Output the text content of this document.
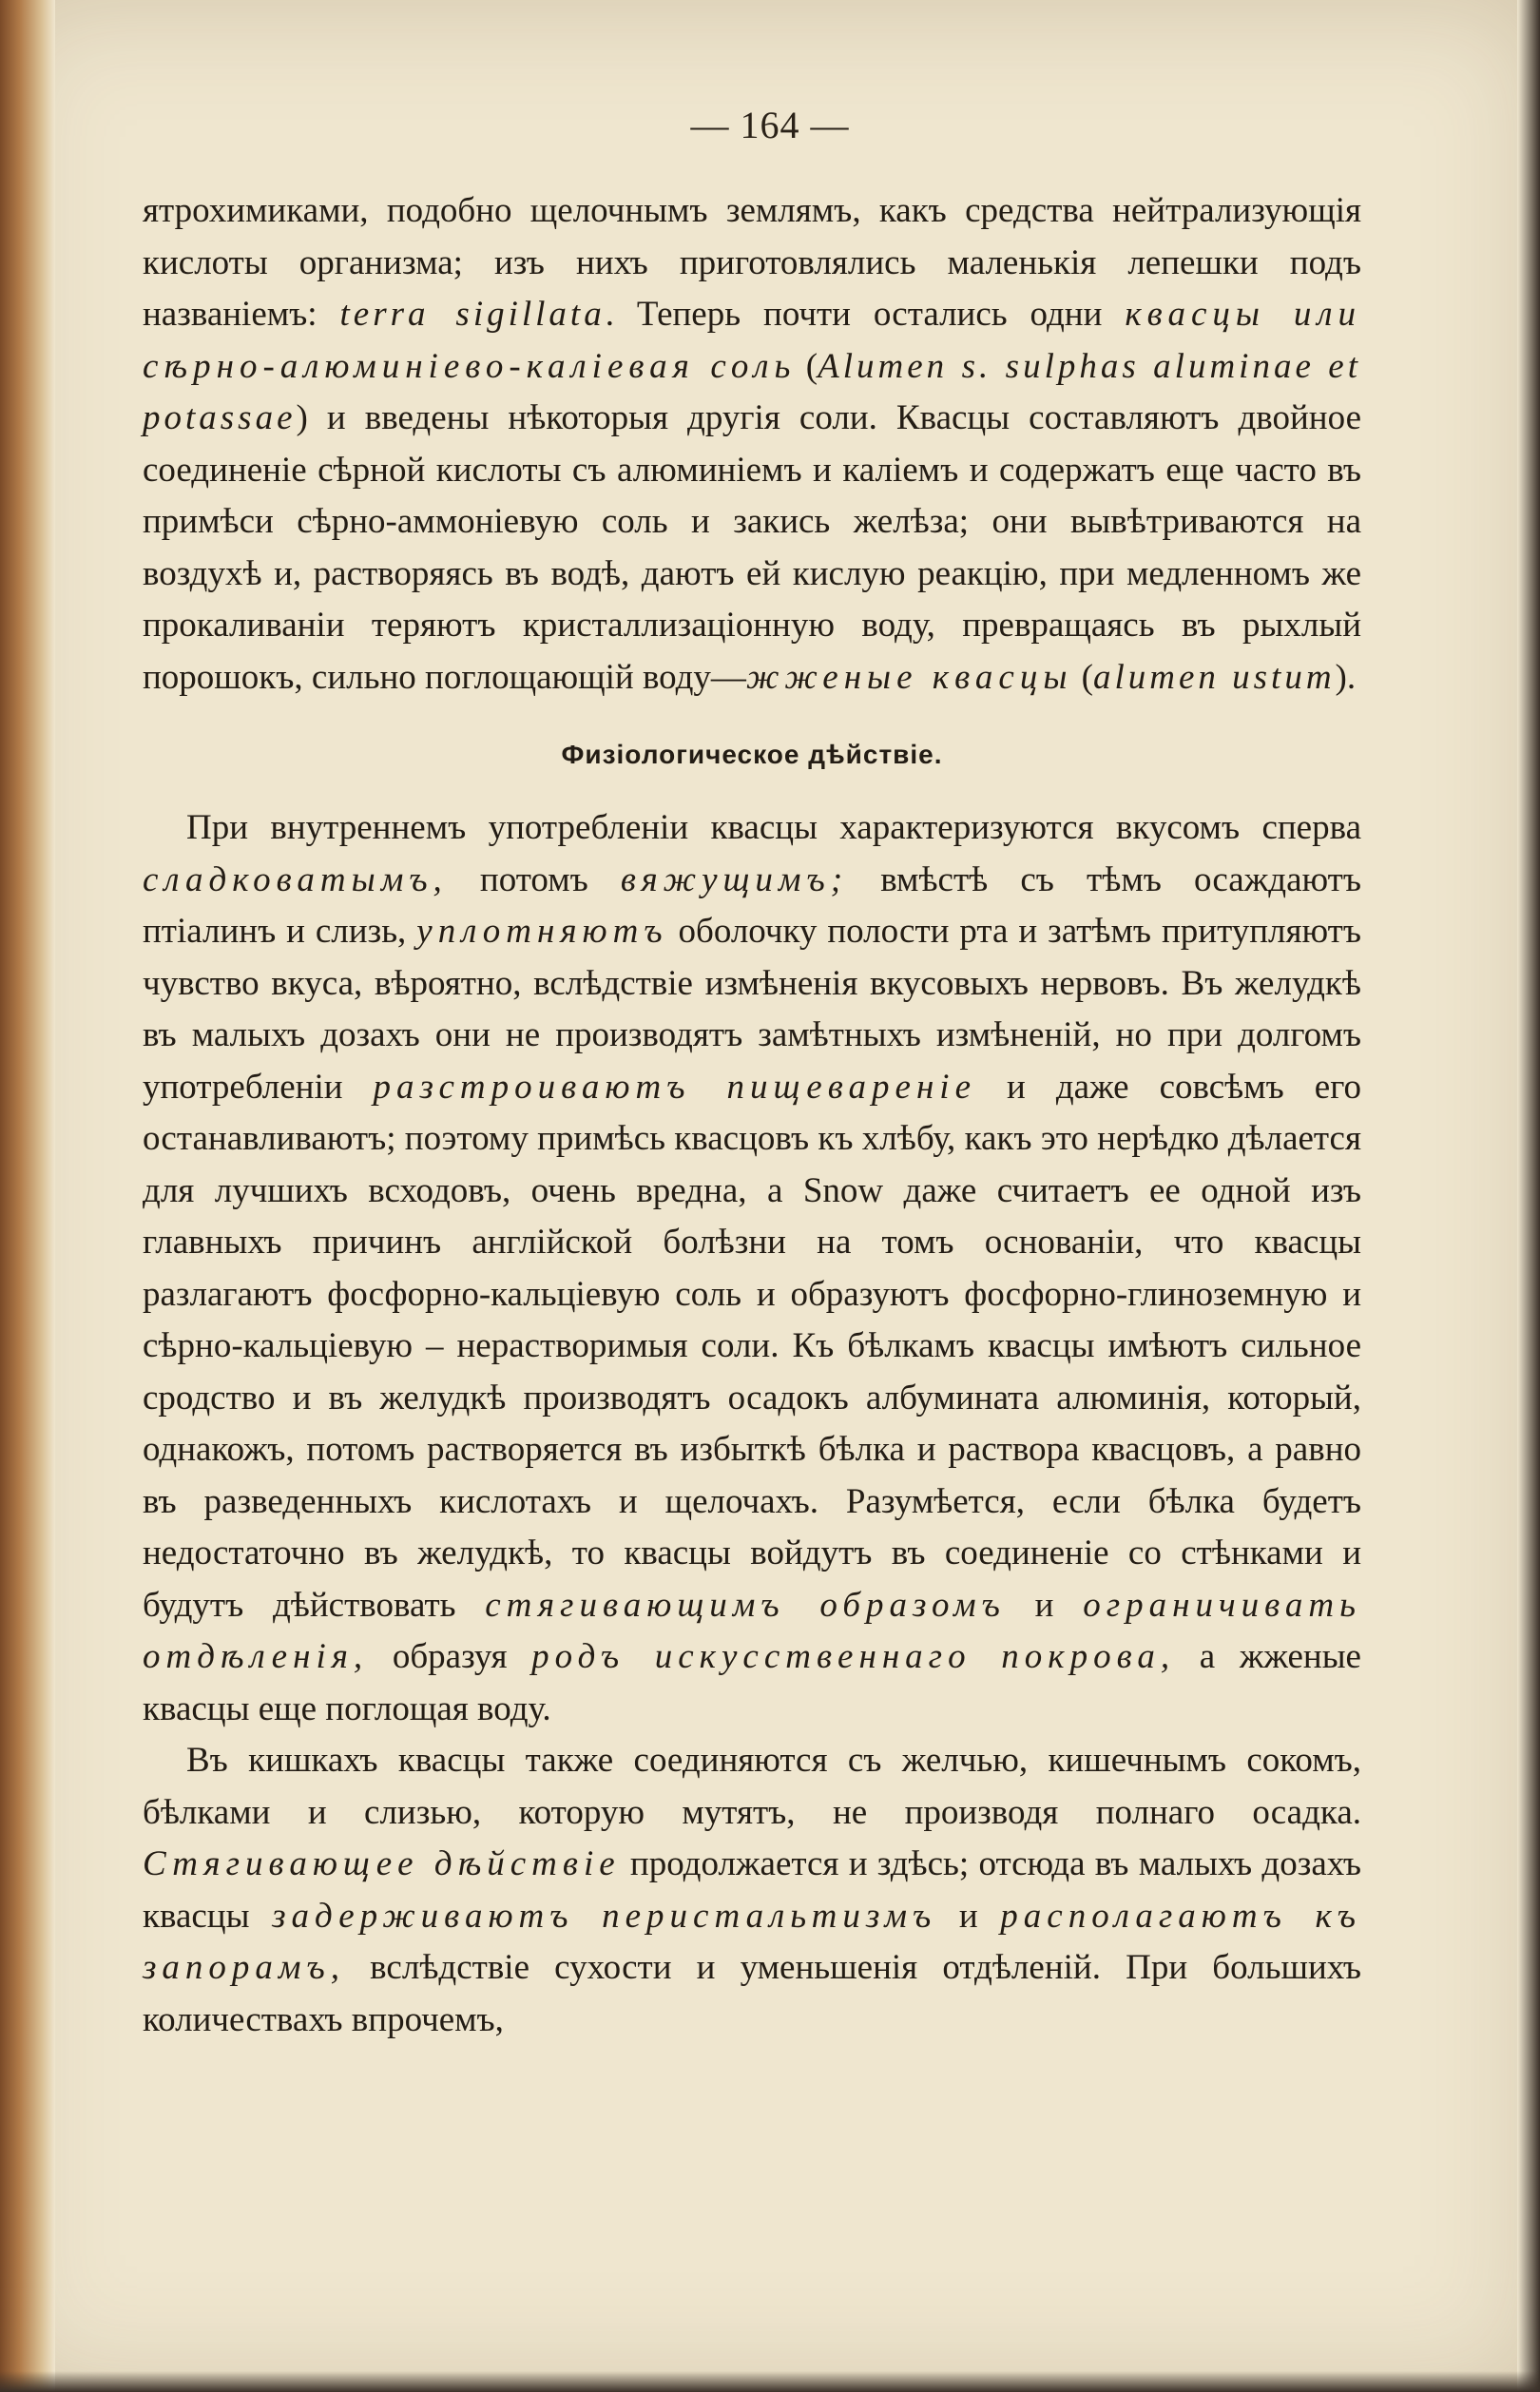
— 164 —

ятрохимиками, подобно щелочнымъ землямъ, какъ средства нейтрализующія кислоты организма; изъ нихъ приготовлялись маленькія лепешки подъ названіемъ: terra sigillata. Теперь почти остались одни квасцы или сѣрно-алюминіево-каліевая соль (Alumen s. sulphas aluminae et potassae) и введены нѣкоторыя другія соли. Квасцы составляютъ двойное соединеніе сѣрной кислоты съ алюминіемъ и каліемъ и содержатъ еще часто въ примѣси сѣрно-аммоніевую соль и закись желѣза; они вывѣтриваются на воздухѣ и, растворяясь въ водѣ, даютъ ей кислую реакцію, при медленномъ же прокаливаніи теряютъ кристаллизаціонную воду, превращаясь въ рыхлый порошокъ, сильно поглощающій воду—жженые квасцы (alumen ustum).

Физіологическое дѣйствіе.

При внутреннемъ употребленіи квасцы характеризуются вкусомъ сперва сладковатымъ, потомъ вяжущимъ; вмѣстѣ съ тѣмъ осаждаютъ птіалинъ и слизь, уплотняютъ оболочку полости рта и затѣмъ притупляютъ чувство вкуса, вѣроятно, вслѣдствіе измѣненія вкусовыхъ нервовъ. Въ желудкѣ въ малыхъ дозахъ они не производятъ замѣтныхъ измѣненій, но при долгомъ употребленіи разстроиваютъ пищевареніе и даже совсѣмъ его останавливаютъ; поэтому примѣсь квасцовъ къ хлѣбу, какъ это нерѣдко дѣлается для лучшихъ всходовъ, очень вредна, а Snow даже считаетъ ее одной изъ главныхъ причинъ англійской болѣзни на томъ основаніи, что квасцы разлагаютъ фосфорно-кальціевую соль и образуютъ фосфорно-глиноземную и сѣрно-кальціевую – нерастворимыя соли. Къ бѣлкамъ квасцы имѣютъ сильное сродство и въ желудкѣ производятъ осадокъ албумината алюминія, который, однакожъ, потомъ растворяется въ избыткѣ бѣлка и раствора квасцовъ, а равно въ разведенныхъ кислотахъ и щелочахъ. Разумѣется, если бѣлка будетъ недостаточно въ желудкѣ, то квасцы войдутъ въ соединеніе со стѣнками и будутъ дѣйствовать стягивающимъ образомъ и ограничивать отдѣленія, образуя родъ искусственнаго покрова, а жженые квасцы еще поглощая воду.

Въ кишкахъ квасцы также соединяются съ желчью, кишечнымъ сокомъ, бѣлками и слизью, которую мутятъ, не производя полнаго осадка. Стягивающее дѣйствіе продолжается и здѣсь; отсюда въ малыхъ дозахъ квасцы задерживаютъ перистальтизмъ и располагаютъ къ запорамъ, вслѣдствіе сухости и уменьшенія отдѣленій. При большихъ количествахъ впрочемъ,
